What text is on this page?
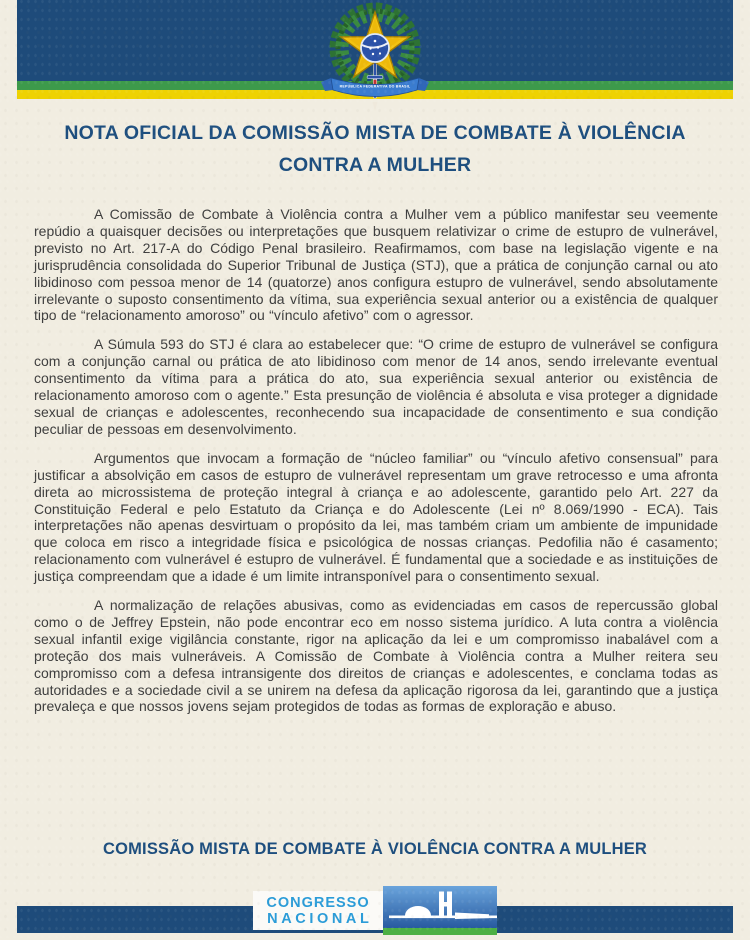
REPÚBLICA FEDERATIVA DO BRASIL
NOTA OFICIAL DA COMISSÃO MISTA DE COMBATE À VIOLÊNCIA CONTRA A MULHER

A Comissão de Combate à Violência contra a Mulher vem a público manifestar seu veemente repúdio a quaisquer decisões ou interpretações que busquem relativizar o crime de estupro de vulnerável, previsto no Art. 217-A do Código Penal brasileiro. Reafirmamos, com base na legislação vigente e na jurisprudência consolidada do Superior Tribunal de Justiça (STJ), que a prática de conjunção carnal ou ato libidinoso com pessoa menor de 14 (quatorze) anos configura estupro de vulnerável, sendo absolutamente irrelevante o suposto consentimento da vítima, sua experiência sexual anterior ou a existência de qualquer tipo de “relacionamento amoroso” ou “vínculo afetivo” com o agressor.

A Súmula 593 do STJ é clara ao estabelecer que: “O crime de estupro de vulnerável se configura com a conjunção carnal ou prática de ato libidinoso com menor de 14 anos, sendo irrelevante eventual consentimento da vítima para a prática do ato, sua experiência sexual anterior ou existência de relacionamento amoroso com o agente.” Esta presunção de violência é absoluta e visa proteger a dignidade sexual de crianças e adolescentes, reconhecendo sua incapacidade de consentimento e sua condição peculiar de pessoas em desenvolvimento.

Argumentos que invocam a formação de “núcleo familiar” ou “vínculo afetivo consensual” para justificar a absolvição em casos de estupro de vulnerável representam um grave retrocesso e uma afronta direta ao microssistema de proteção integral à criança e ao adolescente, garantido pelo Art. 227 da Constituição Federal e pelo Estatuto da Criança e do Adolescente (Lei nº 8.069/1990 - ECA). Tais interpretações não apenas desvirtuam o propósito da lei, mas também criam um ambiente de impunidade que coloca em risco a integridade física e psicológica de nossas crianças. Pedofilia não é casamento; relacionamento com vulnerável é estupro de vulnerável. É fundamental que a sociedade e as instituições de justiça compreendam que a idade é um limite intransponível para o consentimento sexual.

A normalização de relações abusivas, como as evidenciadas em casos de repercussão global como o de Jeffrey Epstein, não pode encontrar eco em nosso sistema jurídico. A luta contra a violência sexual infantil exige vigilância constante, rigor na aplicação da lei e um compromisso inabalável com a proteção dos mais vulneráveis. A Comissão de Combate à Violência contra a Mulher reitera seu compromisso com a defesa intransigente dos direitos de crianças e adolescentes, e conclama todas as autoridades e a sociedade civil a se unirem na defesa da aplicação rigorosa da lei, garantindo que a justiça prevaleça e que nossos jovens sejam protegidos de todas as formas de exploração e abuso.

COMISSÃO MISTA DE COMBATE À VIOLÊNCIA CONTRA A MULHER
CONGRESSO
NACIONAL
